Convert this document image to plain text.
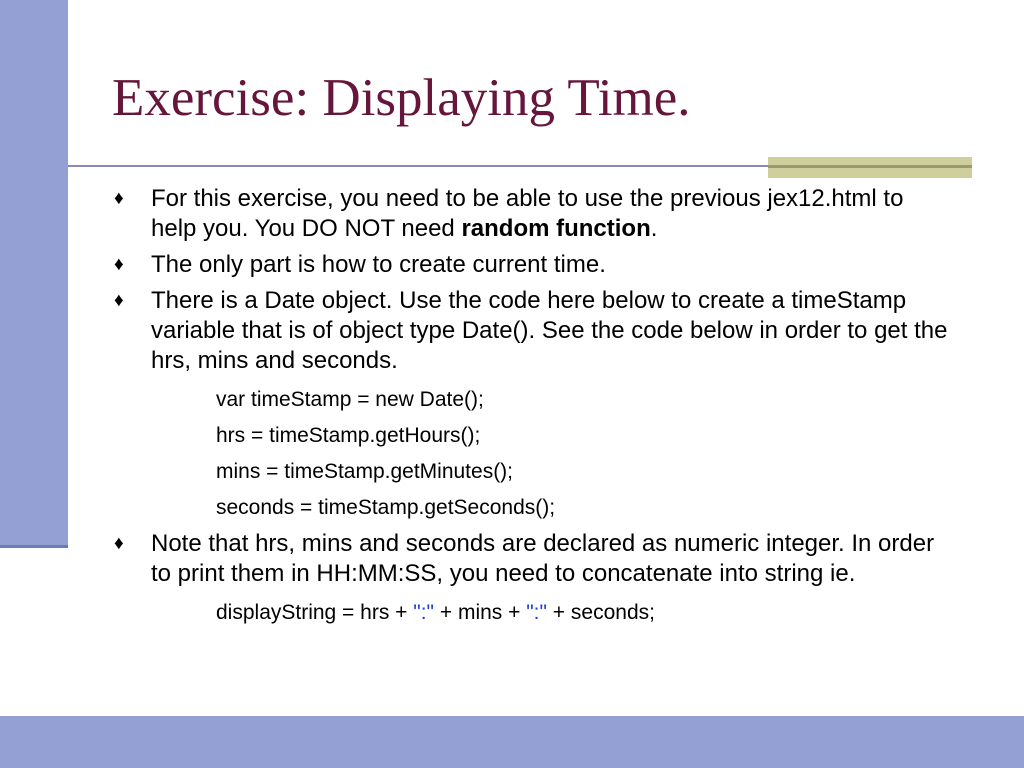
Exercise: Displaying Time.
♦ For this exercise, you need to be able to use the previous jex12.html to help you. You DO NOT need random function.
♦ The only part is how to create current time.
♦ There is a Date object. Use the code here below to create a timeStamp variable that is of object type Date(). See the code below in order to get the hrs, mins and seconds.
var timeStamp = new Date();
hrs = timeStamp.getHours();
mins = timeStamp.getMinutes();
seconds = timeStamp.getSeconds();
♦ Note that hrs, mins and seconds are declared as numeric integer. In order to print them in HH:MM:SS, you need to concatenate into string ie.
displayString = hrs + ":" + mins + ":" + seconds;
